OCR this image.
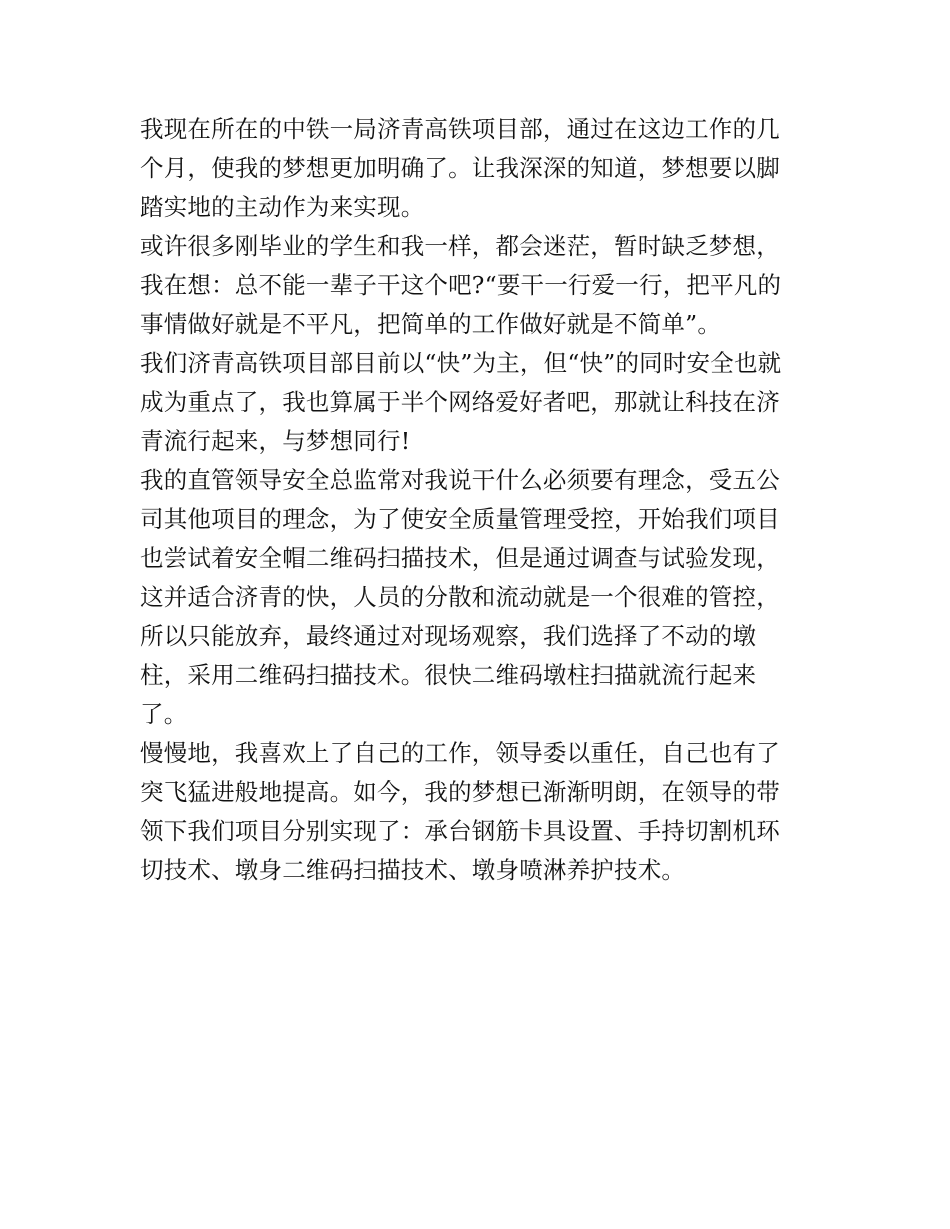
我现在所在的中铁一局济青高铁项目部，通过在这边工作的几
个月，使我的梦想更加明确了。让我深深的知道，梦想要以脚
踏实地的主动作为来实现。

或许很多刚毕业的学生和我一样，都会迷茫，暂时缺乏梦想，
我在想：总不能一辈子干这个吧?“要干一行爱一行，把平凡的
事情做好就是不平凡，把简单的工作做好就是不简单”。

我们济青高铁项目部目前以“快”为主，但“快”的同时安全也就
成为重点了，我也算属于半个网络爱好者吧，那就让科技在济
青流行起来，与梦想同行!

我的直管领导安全总监常对我说干什么必须要有理念，受五公
司其他项目的理念，为了使安全质量管理受控，开始我们项目
也尝试着安全帽二维码扫描技术，但是通过调查与试验发现，
这并适合济青的快，人员的分散和流动就是一个很难的管控，
所以只能放弃，最终通过对现场观察，我们选择了不动的墩
柱，采用二维码扫描技术。很快二维码墩柱扫描就流行起来
了。

慢慢地，我喜欢上了自己的工作，领导委以重任，自己也有了
突飞猛进般地提高。如今，我的梦想已渐渐明朗，在领导的带
领下我们项目分别实现了：承台钢筋卡具设置、手持切割机环
切技术、墩身二维码扫描技术、墩身喷淋养护技术。
